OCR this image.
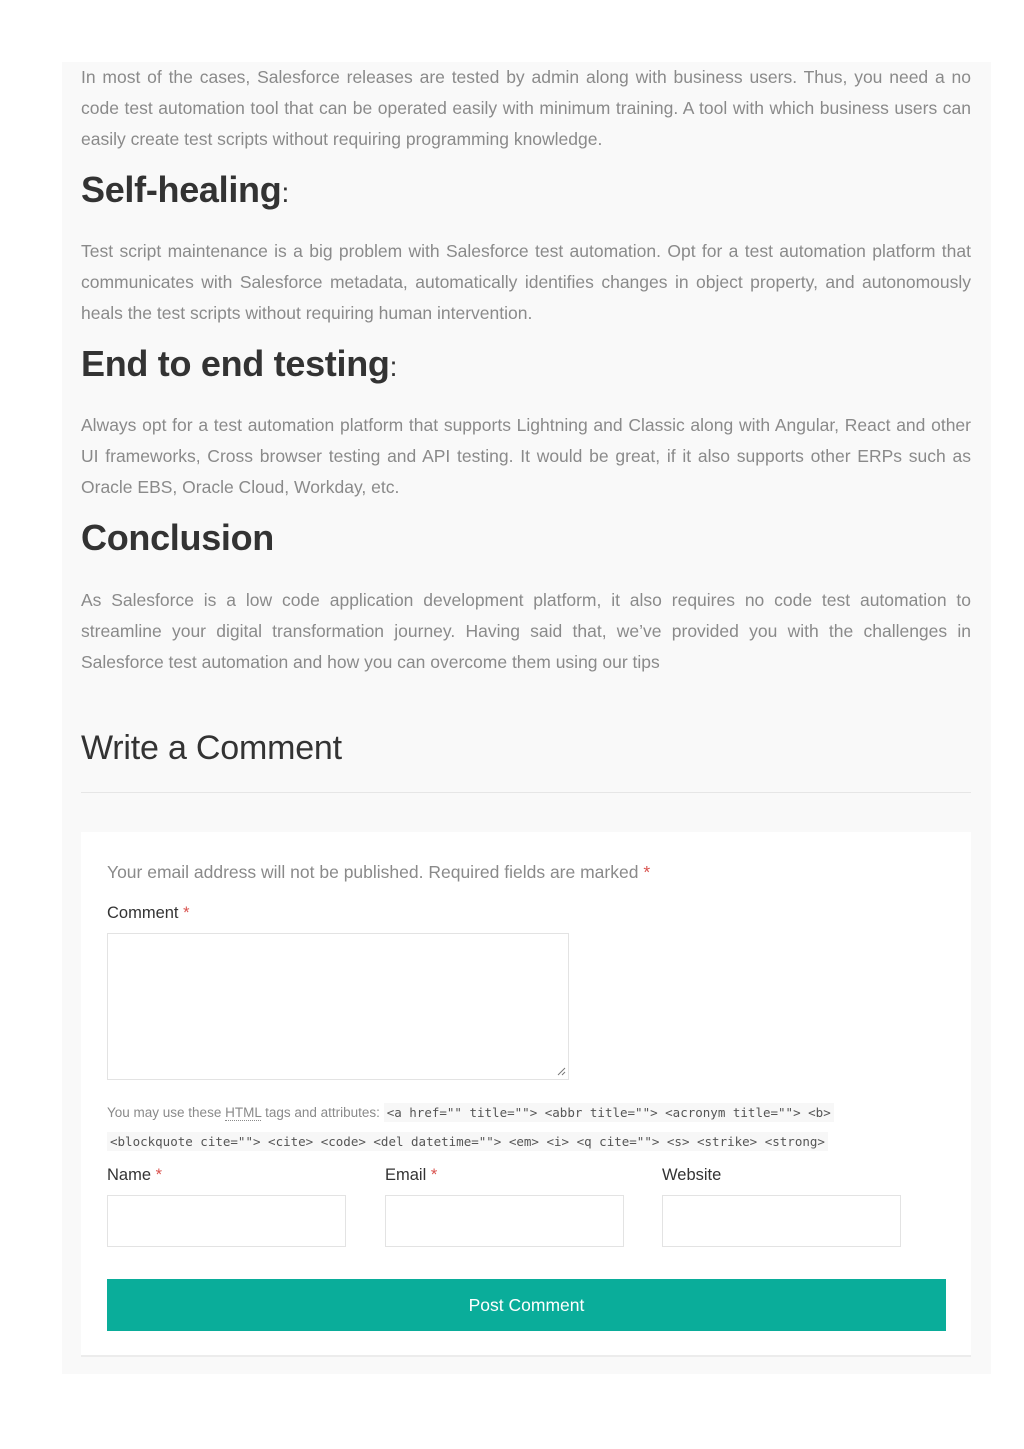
In most of the cases, Salesforce releases are tested by admin along with business users. Thus, you need a no code test automation tool that can be operated easily with minimum training. A tool with which business users can easily create test scripts without requiring programming knowledge.

Self-healing:

Test script maintenance is a big problem with Salesforce test automation. Opt for a test automation platform that communicates with Salesforce metadata, automatically identifies changes in object property, and autonomously heals the test scripts without requiring human intervention.

End to end testing:

Always opt for a test automation platform that supports Lightning and Classic along with Angular, React and other UI frameworks, Cross browser testing and API testing. It would be great, if it also supports other ERPs such as Oracle EBS, Oracle Cloud, Workday, etc.

Conclusion

As Salesforce is a low code application development platform, it also requires no code test automation to streamline your digital transformation journey. Having said that, we’ve provided you with the challenges in Salesforce test automation and how you can overcome them using our tips

Write a Comment
Your email address will not be published. Required fields are marked *
Comment *
You may use these HTML tags and attributes: <a href="" title=""> <abbr title=""> <acronym title=""> <b>
<blockquote cite=""> <cite> <code> <del datetime=""> <em> <i> <q cite=""> <s> <strike> <strong>
Name *	Email *	Website
Post Comment
